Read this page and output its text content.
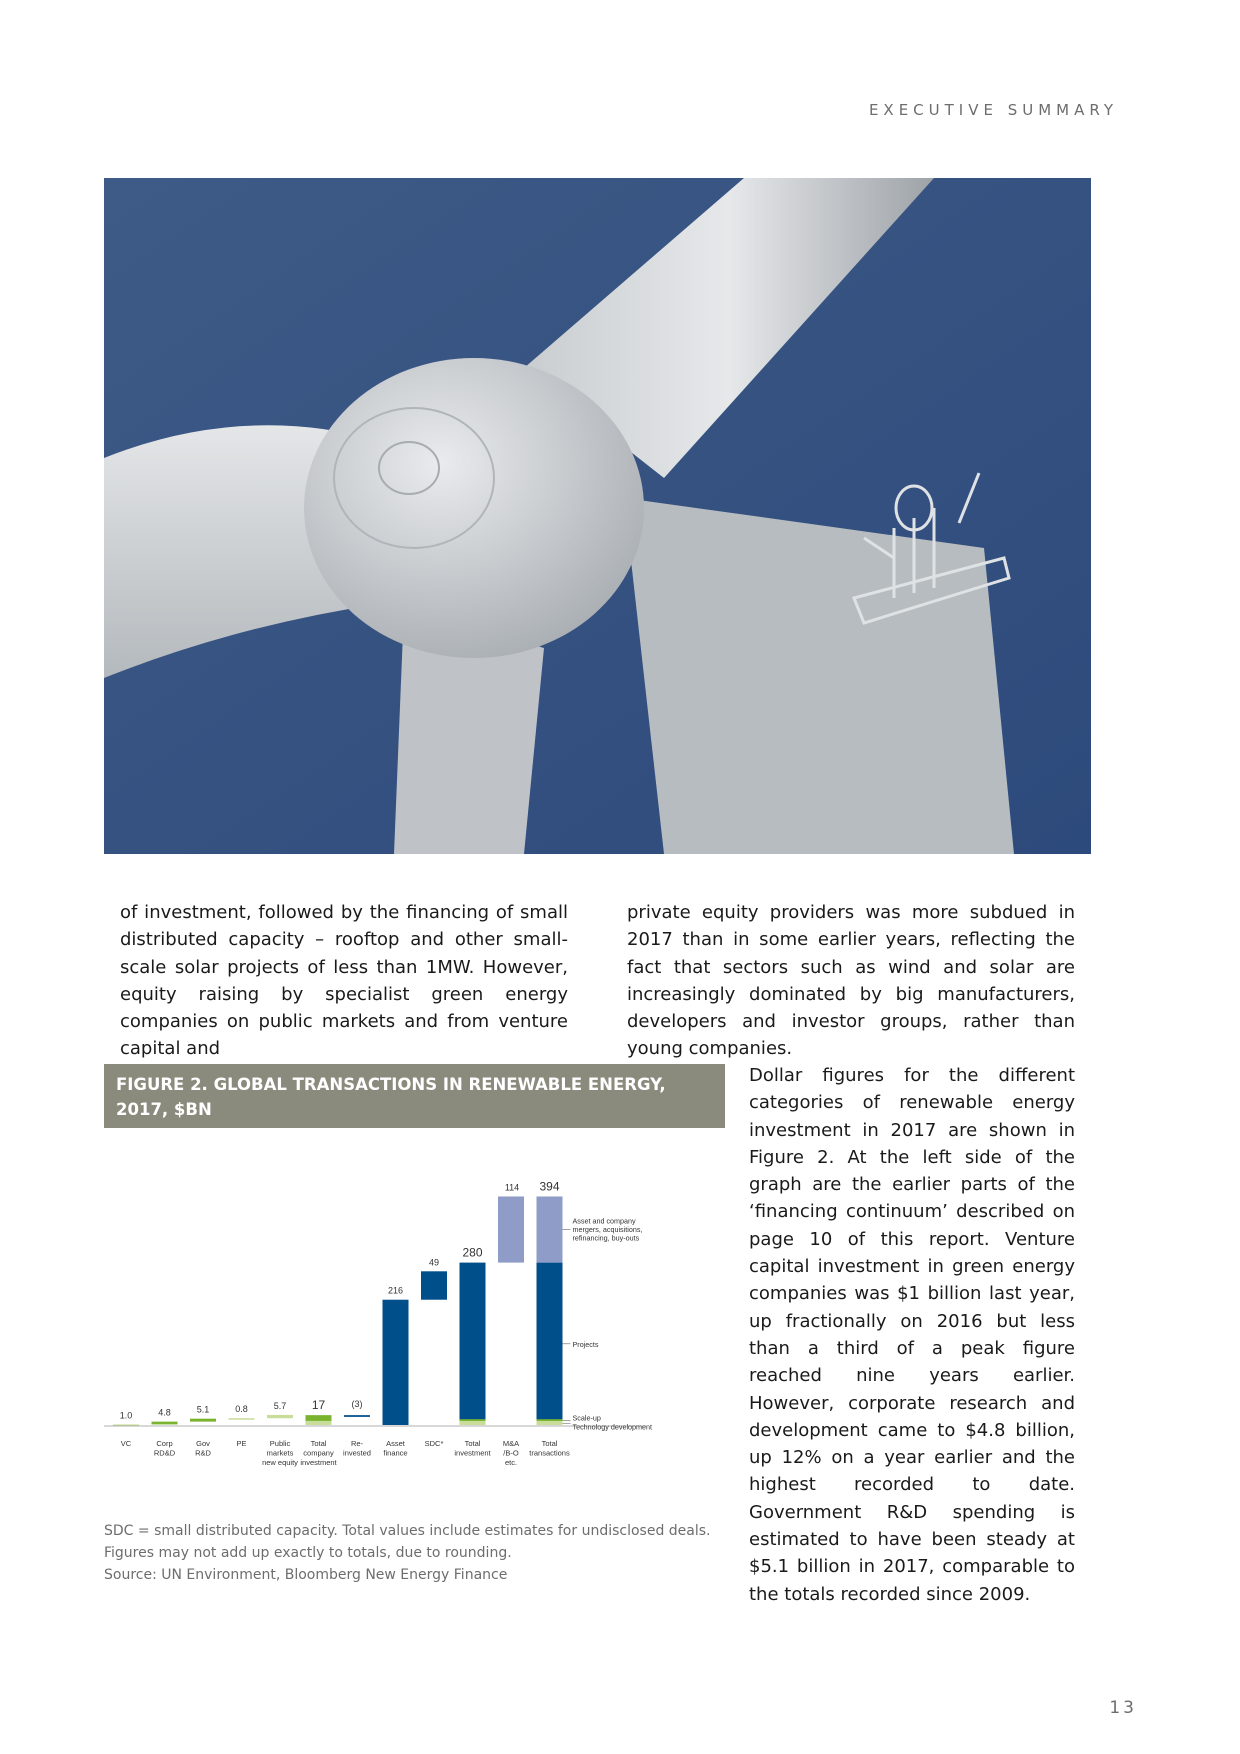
EXECUTIVE SUMMARY
of investment, followed by the financing of small distributed capacity – rooftop and other small-scale solar projects of less than 1MW. However, equity raising by specialist green energy companies on public markets and from venture capital and
private equity providers was more subdued in 2017 than in some earlier years, reflecting the fact that sectors such as wind and solar are increasingly dominated by big manufacturers, developers and investor groups, rather than young companies.
FIGURE 2. GLOBAL TRANSACTIONS IN RENEWABLE ENERGY,
2017, $BN
1.0
VC
4.8
Corp
RD&D
5.1
Gov
R&D
0.8
PE
5.7
Public
markets
new equity
17
Total
company
investment
(3)
Re-
invested
216
Asset
finance
49
SDC*
280
Total
investment
114
M&A
/B-O
etc.
394
Total
transactions
Asset and company
mergers, acquisitions,
refinancing, buy-outs
Projects
Scale-up
Technology development
Dollar figures for the different categories of renewable energy investment in 2017 are shown in Figure 2. At the left side of the graph are the earlier parts of the ‘financing continuum’ described on page 10 of this report. Venture capital investment in green energy companies was $1 billion last year, up fractionally on 2016 but less than a third of a peak figure reached nine years earlier. However, corporate research and development came to $4.8 billion, up 12% on a year earlier and the highest recorded to date. Government R&D spending is estimated to have been steady at $5.1 billion in 2017, comparable to the totals recorded since 2009.
SDC = small distributed capacity. Total values include estimates for undisclosed deals.
Figures may not add up exactly to totals, due to rounding.
Source: UN Environment, Bloomberg New Energy Finance
13
